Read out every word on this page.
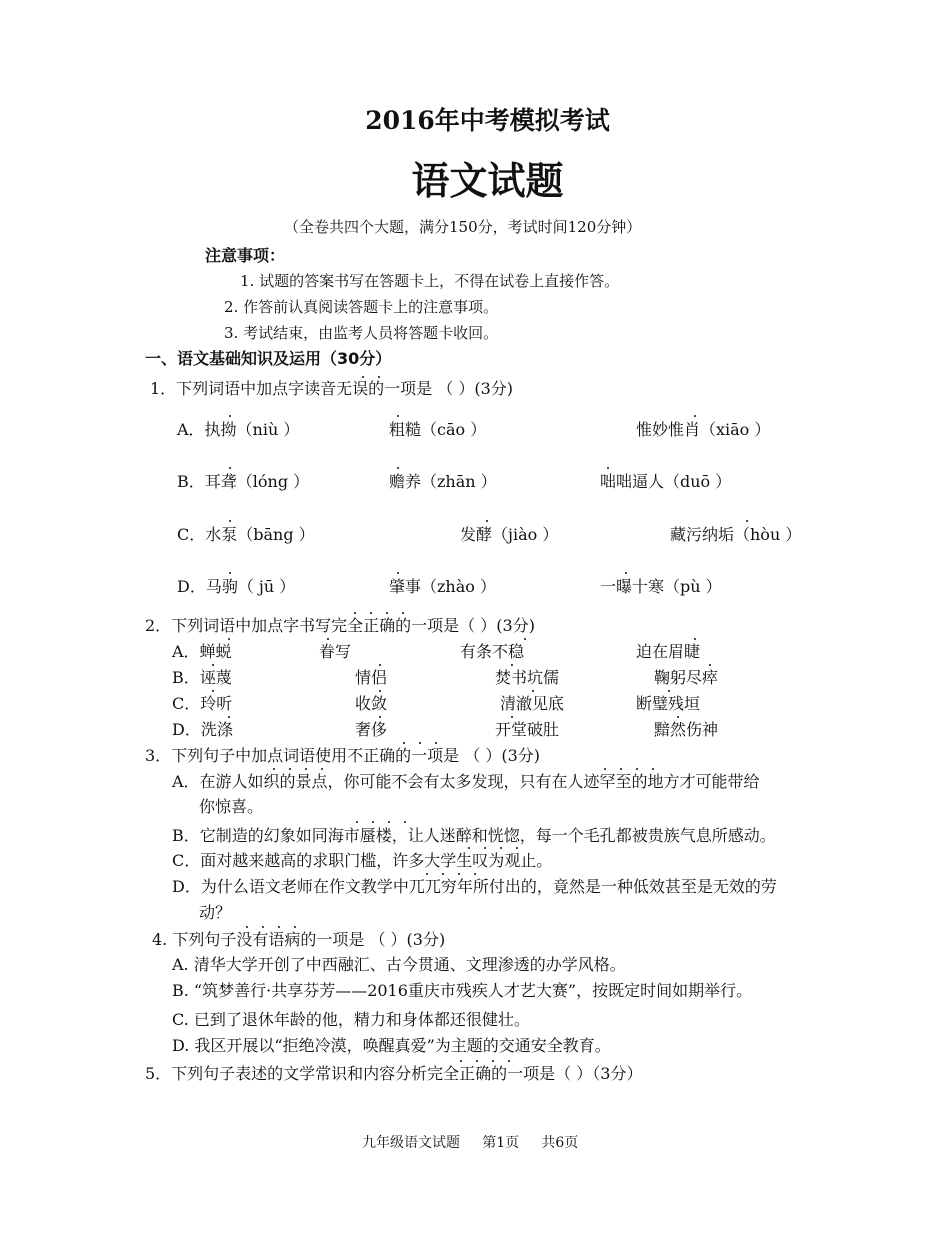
2016年中考模拟考试
语文试题
（全卷共四个大题，满分150分，考试时间120分钟）
注意事项：
1. 试题的答案书写在答题卡上，不得在试卷上直接作答。
2. 作答前认真阅读答题卡上的注意事项。
3. 考试结束，由监考人员将答题卡收回。
一、语文基础知识及运用（30分）
1．下列词语中加点字读音无误的一项是 （ ）(3分)
A．执拗（niù ）	粗糙（cāo ）	惟妙惟肖（xiāo ）
B．耳聋（lóng ）	赡养（zhān ）	咄咄逼人（duō ）
C．水泵（bāng ）	发酵（jiào ）	藏污纳垢（hòu ）
D．马驹（ jū ）	肇事（zhào ）	一曝十寒（pù ）
2．下列词语中加点字书写完全正确的一项是（ ）(3分)
A．蝉蜕	眷写	有条不稳	迫在眉睫
B．诬蔑	情侣	焚书坑儒	鞠躬尽瘁
C．玲听	收敛	清澈见底	断璧残垣
D．洗涤	奢侈	开堂破肚	黯然伤神
3．下列句子中加点词语使用不正确的一项是 （ ）(3分)
A．在游人如织的景点，你可能不会有太多发现，只有在人迹罕至的地方才可能带给
你惊喜。
B．它制造的幻象如同海市蜃楼，让人迷醉和恍惚，每一个毛孔都被贵族气息所感动。
C．面对越来越高的求职门槛，许多大学生叹为观止。
D．为什么语文老师在作文教学中兀兀穷年所付出的，竟然是一种低效甚至是无效的劳
动？
4. 下列句子没有语病的一项是 （ ）(3分)
A. 清华大学开创了中西融汇、古今贯通、文理渗透的办学风格。
B. “筑梦善行·共享芬芳——2016重庆市残疾人才艺大赛”，按既定时间如期举行。
C. 已到了退休年龄的他，精力和身体都还很健壮。
D. 我区开展以“拒绝冷漠，唤醒真爱”为主题的交通安全教育。
5．下列句子表述的文学常识和内容分析完全正确的一项是（ ）（3分）
九年级语文试题     第1页     共6页
